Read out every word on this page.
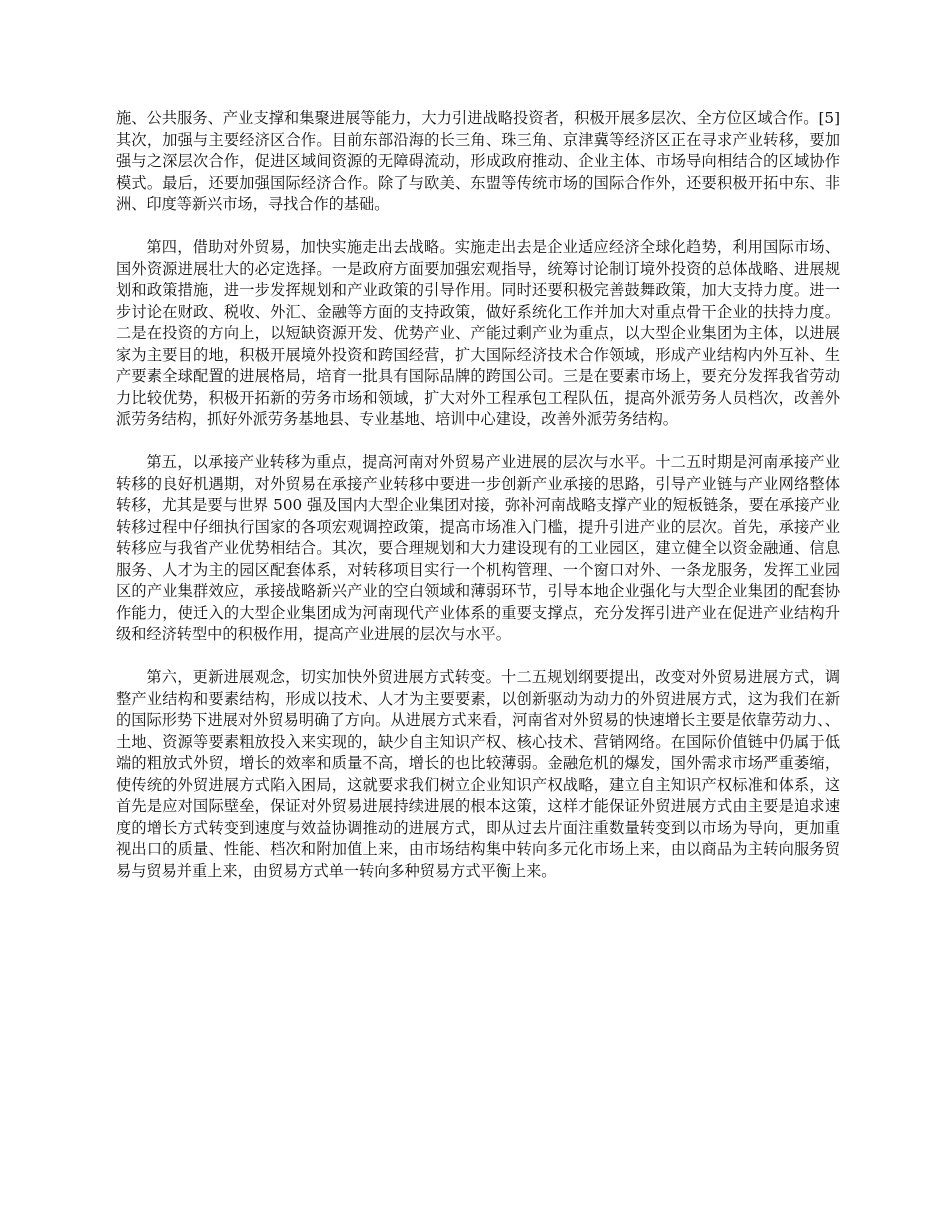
施、公共服务、产业支撑和集聚进展等能力，大力引进战略投资者，积极开展多层次、全方位区域合作。[5]其次，加强与主要经济区合作。目前东部沿海的长三角、珠三角、京津冀等经济区正在寻求产业转移，要加强与之深层次合作，促进区域间资源的无障碍流动，形成政府推动、企业主体、市场导向相结合的区域协作模式。最后，还要加强国际经济合作。除了与欧美、东盟等传统市场的国际合作外，还要积极开拓中东、非洲、印度等新兴市场，寻找合作的基础。

第四，借助对外贸易，加快实施走出去战略。实施走出去是企业适应经济全球化趋势，利用国际市场、国外资源进展壮大的必定选择。一是政府方面要加强宏观指导，统筹讨论制订境外投资的总体战略、进展规划和政策措施，进一步发挥规划和产业政策的引导作用。同时还要积极完善鼓舞政策，加大支持力度。进一步讨论在财政、税收、外汇、金融等方面的支持政策，做好系统化工作并加大对重点骨干企业的扶持力度。二是在投资的方向上，以短缺资源开发、优势产业、产能过剩产业为重点，以大型企业集团为主体，以进展家为主要目的地，积极开展境外投资和跨国经营，扩大国际经济技术合作领域，形成产业结构内外互补、生产要素全球配置的进展格局，培育一批具有国际品牌的跨国公司。三是在要素市场上，要充分发挥我省劳动力比较优势，积极开拓新的劳务市场和领域，扩大对外工程承包工程队伍，提高外派劳务人员档次，改善外派劳务结构，抓好外派劳务基地县、专业基地、培训中心建设，改善外派劳务结构。

第五，以承接产业转移为重点，提高河南对外贸易产业进展的层次与水平。十二五时期是河南承接产业转移的良好机遇期，对外贸易在承接产业转移中要进一步创新产业承接的思路，引导产业链与产业网络整体转移，尤其是要与世界 500 强及国内大型企业集团对接，弥补河南战略支撑产业的短板链条，要在承接产业转移过程中仔细执行国家的各项宏观调控政策，提高市场准入门槛，提升引进产业的层次。首先，承接产业转移应与我省产业优势相结合。其次，要合理规划和大力建设现有的工业园区，建立健全以资金融通、信息服务、人才为主的园区配套体系，对转移项目实行一个机构管理、一个窗口对外、一条龙服务，发挥工业园区的产业集群效应，承接战略新兴产业的空白领域和薄弱环节，引导本地企业强化与大型企业集团的配套协作能力，使迁入的大型企业集团成为河南现代产业体系的重要支撑点，充分发挥引进产业在促进产业结构升级和经济转型中的积极作用，提高产业进展的层次与水平。

第六，更新进展观念，切实加快外贸进展方式转变。十二五规划纲要提出，改变对外贸易进展方式，调整产业结构和要素结构，形成以技术、人才为主要要素，以创新驱动为动力的外贸进展方式，这为我们在新的国际形势下进展对外贸易明确了方向。从进展方式来看，河南省对外贸易的快速增长主要是依靠劳动力、、土地、资源等要素粗放投入来实现的，缺少自主知识产权、核心技术、营销网络。在国际价值链中仍属于低端的粗放式外贸，增长的效率和质量不高，增长的也比较薄弱。金融危机的爆发，国外需求市场严重萎缩，使传统的外贸进展方式陷入困局，这就要求我们树立企业知识产权战略，建立自主知识产权标准和体系，这首先是应对国际壁垒，保证对外贸易进展持续进展的根本这策，这样才能保证外贸进展方式由主要是追求速度的增长方式转变到速度与效益协调推动的进展方式，即从过去片面注重数量转变到以市场为导向，更加重视出口的质量、性能、档次和附加值上来，由市场结构集中转向多元化市场上来，由以商品为主转向服务贸易与贸易并重上来，由贸易方式单一转向多种贸易方式平衡上来。
